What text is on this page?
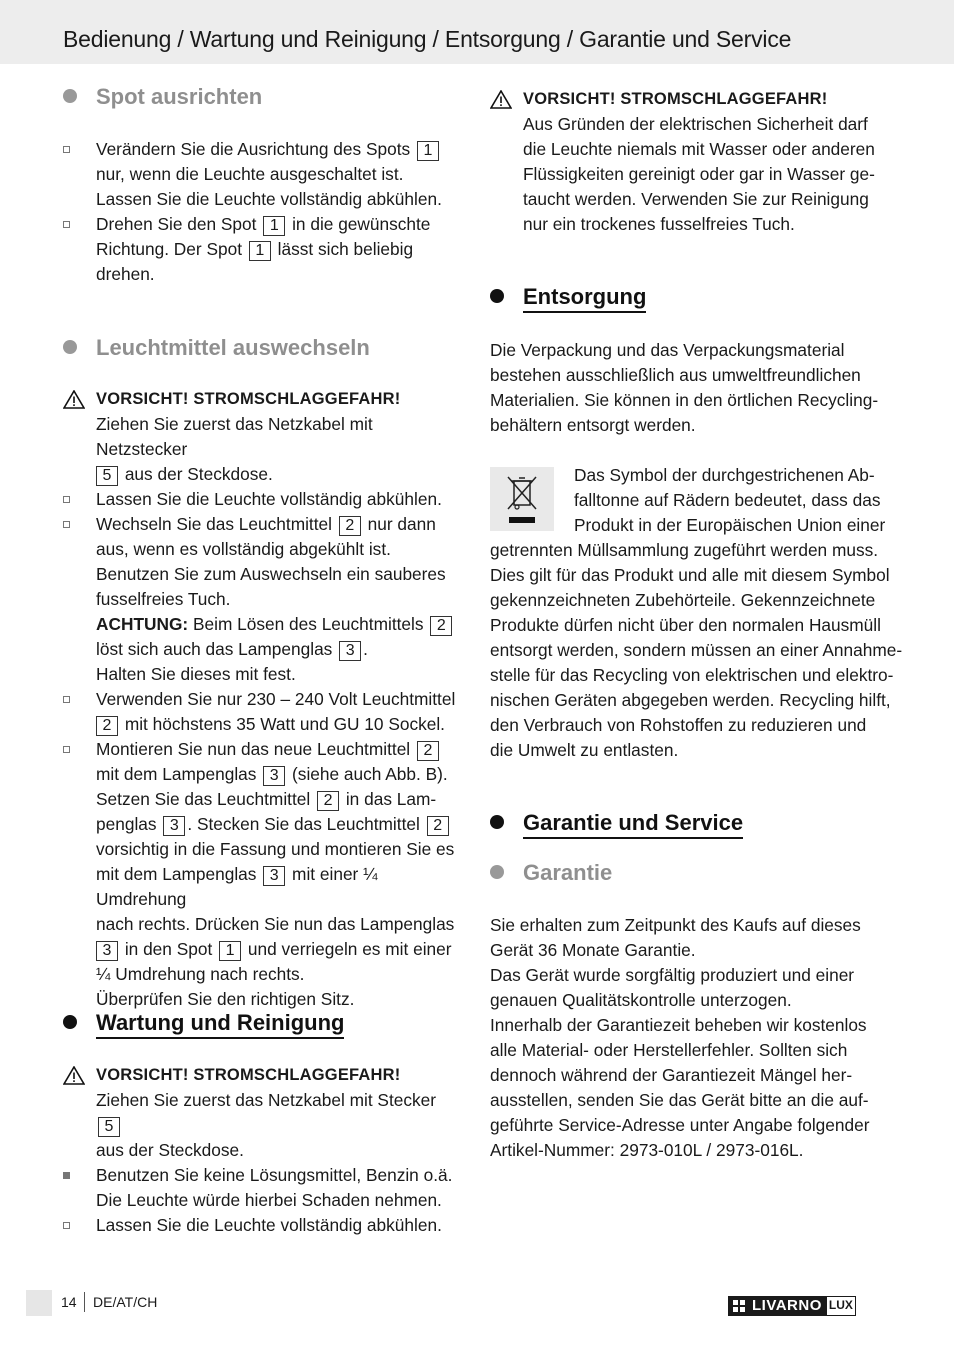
Bedienung / Wartung und Reinigung / Entsorgung / Garantie und Service
Spot ausrichten
Verändern Sie die Ausrichtung des Spots 1
nur, wenn die Leuchte ausgeschaltet ist.
Lassen Sie die Leuchte vollständig abkühlen.
Drehen Sie den Spot 1 in die gewünschte
Richtung. Der Spot 1 lässt sich beliebig
drehen.
Leuchtmittel auswechseln
VORSICHT! STROMSCHLAGGEFAHR!
Ziehen Sie zuerst das Netzkabel mit Netzstecker
5 aus der Steckdose.
Lassen Sie die Leuchte vollständig abkühlen.
Wechseln Sie das Leuchtmittel 2 nur dann
aus, wenn es vollständig abgekühlt ist.
Benutzen Sie zum Auswechseln ein sauberes
fusselfreies Tuch.
ACHTUNG: Beim Lösen des Leuchtmittels 2
löst sich auch das Lampenglas 3 .
Halten Sie dieses mit fest.
Verwenden Sie nur 230 – 240 Volt Leuchtmittel
2 mit höchstens 35 Watt und GU 10 Sockel.
Montieren Sie nun das neue Leuchtmittel 2
mit dem Lampenglas 3 (siehe auch Abb. B).
Setzen Sie das Leuchtmittel 2 in das Lam-
penglas 3 . Stecken Sie das Leuchtmittel 2
vorsichtig in die Fassung und montieren Sie es
mit dem Lampenglas 3 mit einer ¼ Umdrehung
nach rechts. Drücken Sie nun das Lampenglas
3 in den Spot 1 und verriegeln es mit einer
¼ Umdrehung nach rechts.
Überprüfen Sie den richtigen Sitz.
Wartung und Reinigung
VORSICHT! STROMSCHLAGGEFAHR!
Ziehen Sie zuerst das Netzkabel mit Stecker 5
aus der Steckdose.
Benutzen Sie keine Lösungsmittel, Benzin o.ä.
Die Leuchte würde hierbei Schaden nehmen.
Lassen Sie die Leuchte vollständig abkühlen.
VORSICHT! STROMSCHLAGGEFAHR!
Aus Gründen der elektrischen Sicherheit darf
die Leuchte niemals mit Wasser oder anderen
Flüssigkeiten gereinigt oder gar in Wasser ge-
taucht werden. Verwenden Sie zur Reinigung
nur ein trockenes fusselfreies Tuch.
Entsorgung
Die Verpackung und das Verpackungsmaterial
bestehen ausschließlich aus umweltfreundlichen
Materialien. Sie können in den örtlichen Recycling-
behältern entsorgt werden.
Das Symbol der durchgestrichenen Ab-
falltonne auf Rädern bedeutet, dass das
Produkt in der Europäischen Union einer
getrennten Müllsammlung zugeführt werden muss.
Dies gilt für das Produkt und alle mit diesem Symbol
gekennzeichneten Zubehörteile. Gekennzeichnete
Produkte dürfen nicht über den normalen Hausmüll
entsorgt werden, sondern müssen an einer Annahme-
stelle für das Recycling von elektrischen und elektro-
nischen Geräten abgegeben werden. Recycling hilft,
den Verbrauch von Rohstoffen zu reduzieren und
die Umwelt zu entlasten.
Garantie und Service
Garantie
Sie erhalten zum Zeitpunkt des Kaufs auf dieses
Gerät 36 Monate Garantie.
Das Gerät wurde sorgfältig produziert und einer
genauen Qualitätskontrolle unterzogen.
Innerhalb der Garantiezeit beheben wir kostenlos
alle Material- oder Herstellerfehler. Sollten sich
dennoch während der Garantiezeit Mängel her-
ausstellen, senden Sie das Gerät bitte an die auf-
geführte Service-Adresse unter Angabe folgender
Artikel-Nummer: 2973-010L / 2973-016L.
14 DE/AT/CH	LIVARNO LUX
